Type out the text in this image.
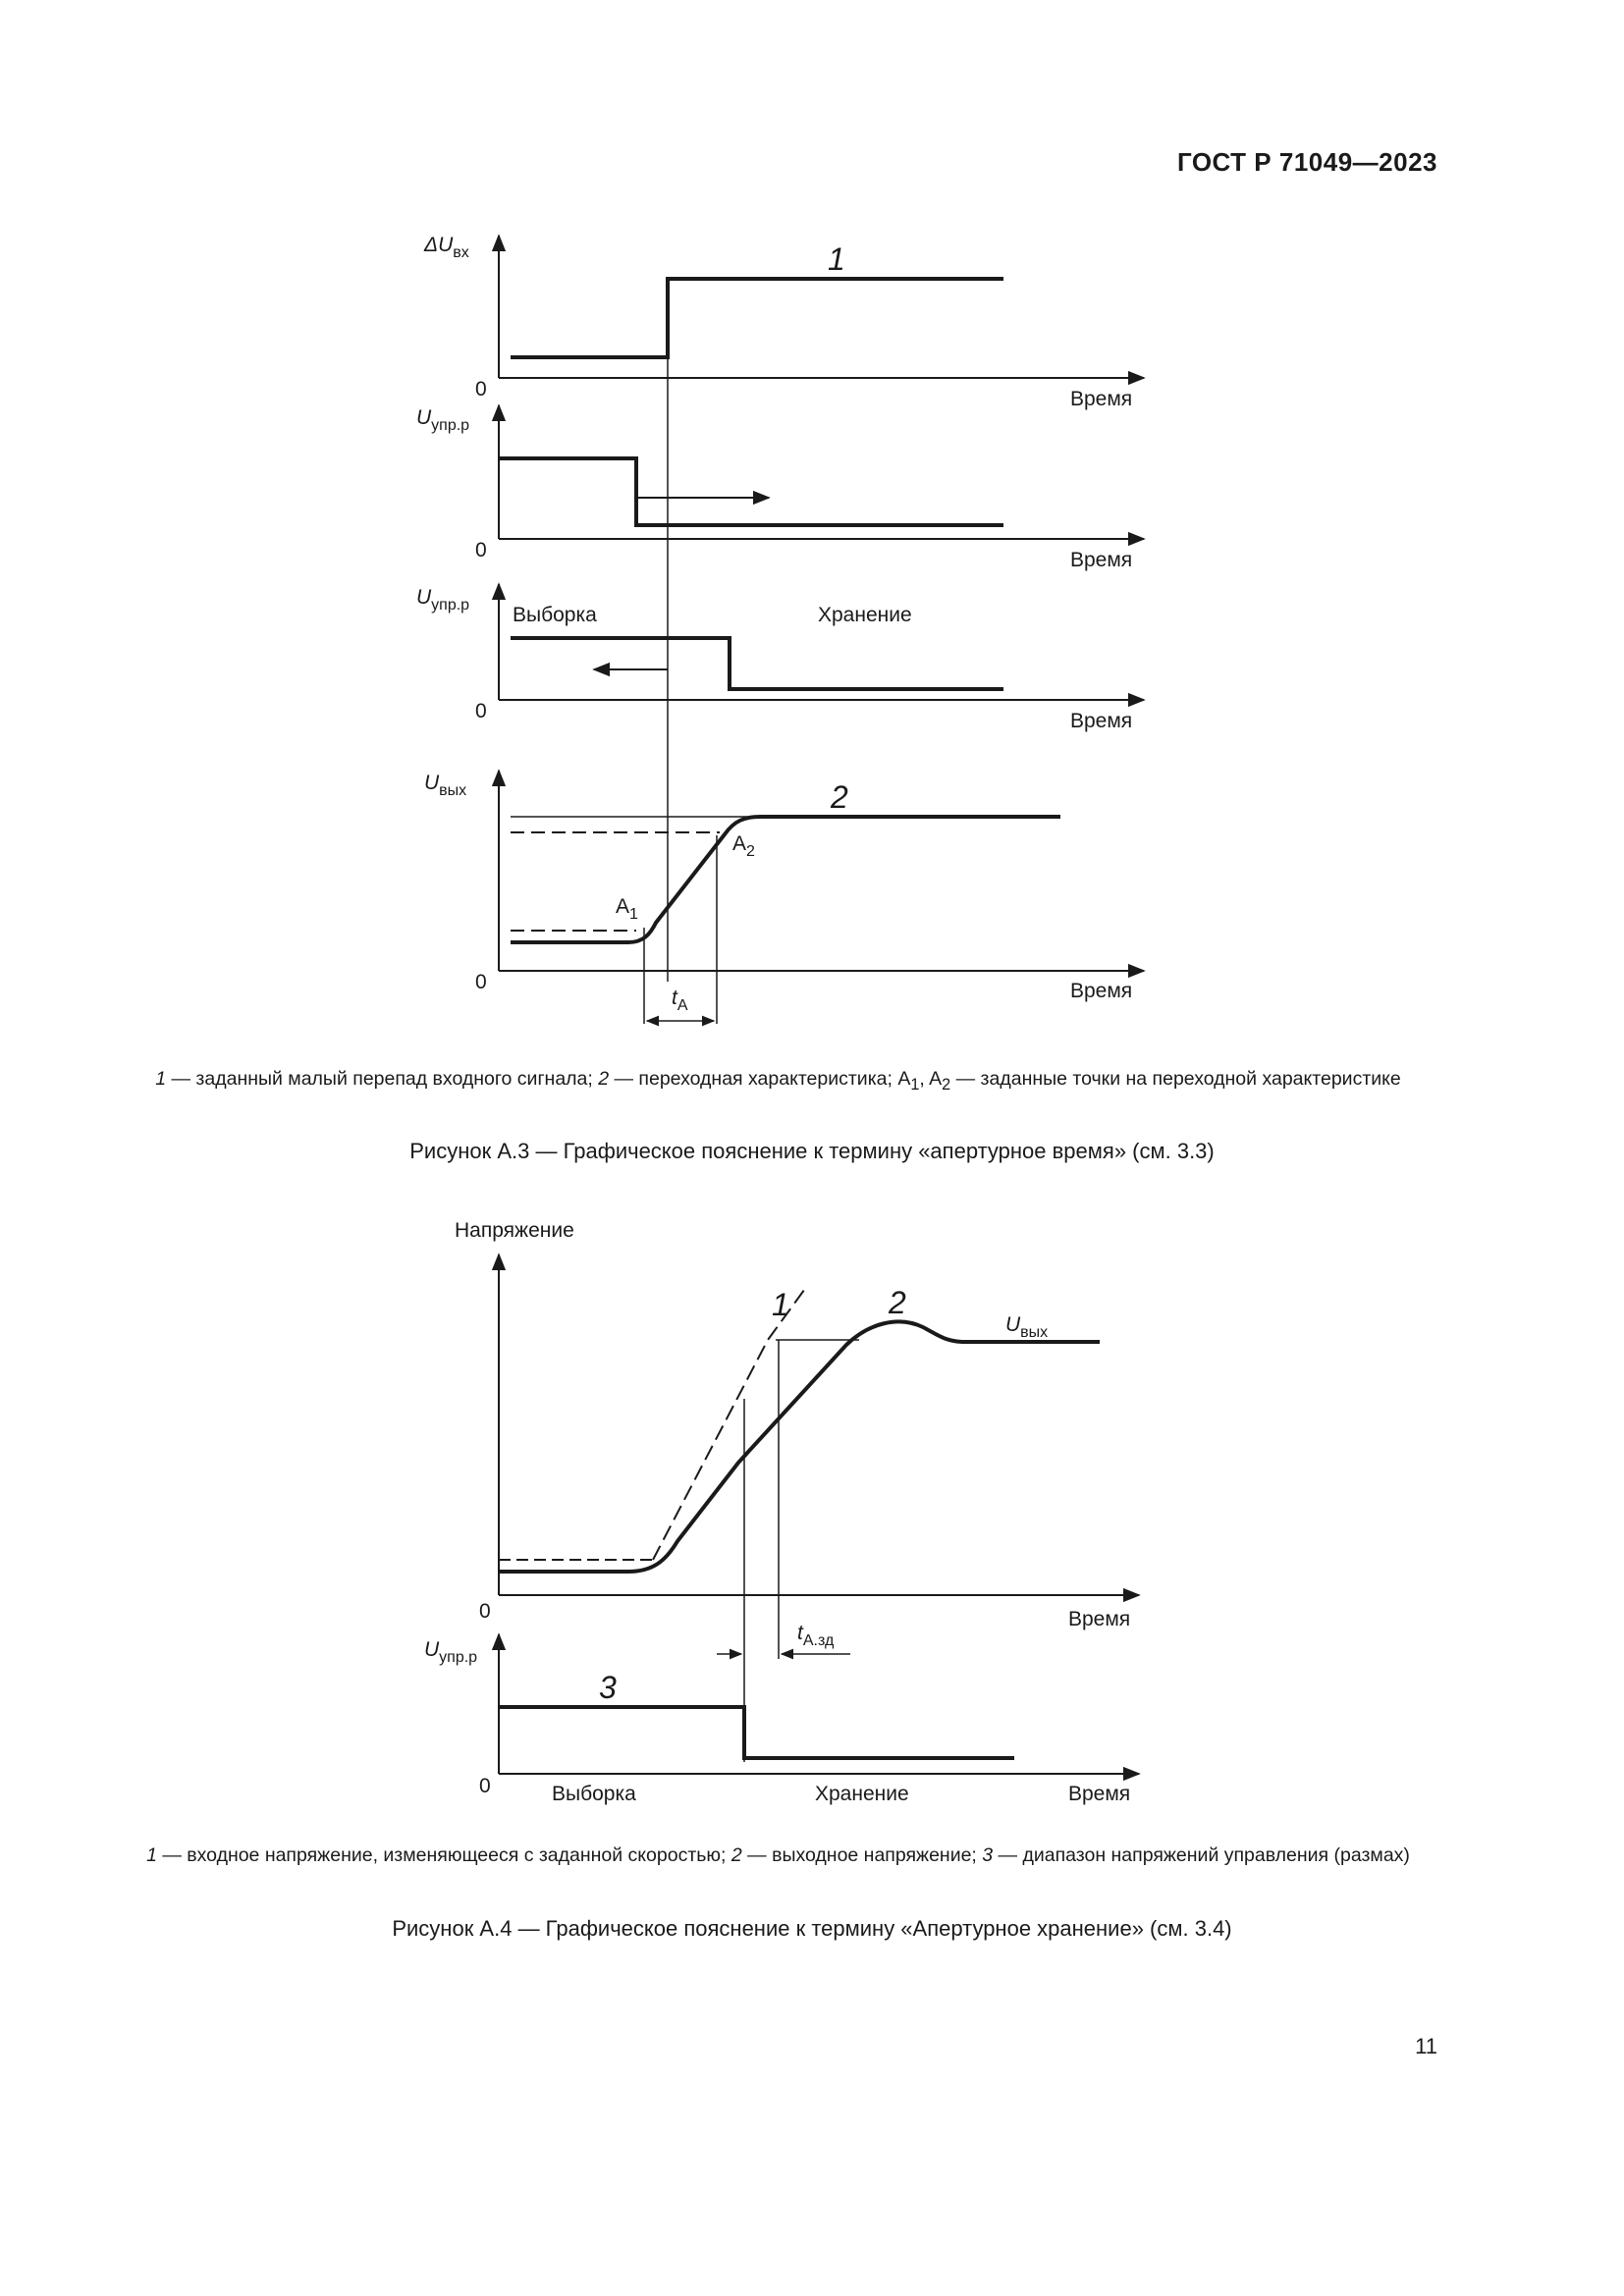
ГОСТ Р 71049—2023
$\Delta U_{вх}$
0	Время
1
$U_{упр.р}$
0	Время
$U_{упр.р}$ Выборка	Хранение
0	Время
$U_{вых}$
0	Время
2
$A_1$
$A_2$
$t_A$
Напряжение
0	Время
1	2
$U_{вых}$
$t_{A.зд}$
$U_{упр.р}$
3
0	Выборка	Хранение	Время
1 — заданный малый перепад входного сигнала; 2 — переходная характеристика; $A_1$, $A_2$ — заданные точки на переходной характеристике
Рисунок А.3 — Графическое пояснение к термину «апертурное время» (см. 3.3)
1 — входное напряжение, изменяющееся с заданной скоростью; 2 — выходное напряжение; 3 — диапазон напряжений управления (размах)
Рисунок А.4 — Графическое пояснение к термину «Апертурное хранение» (см. 3.4)
11
